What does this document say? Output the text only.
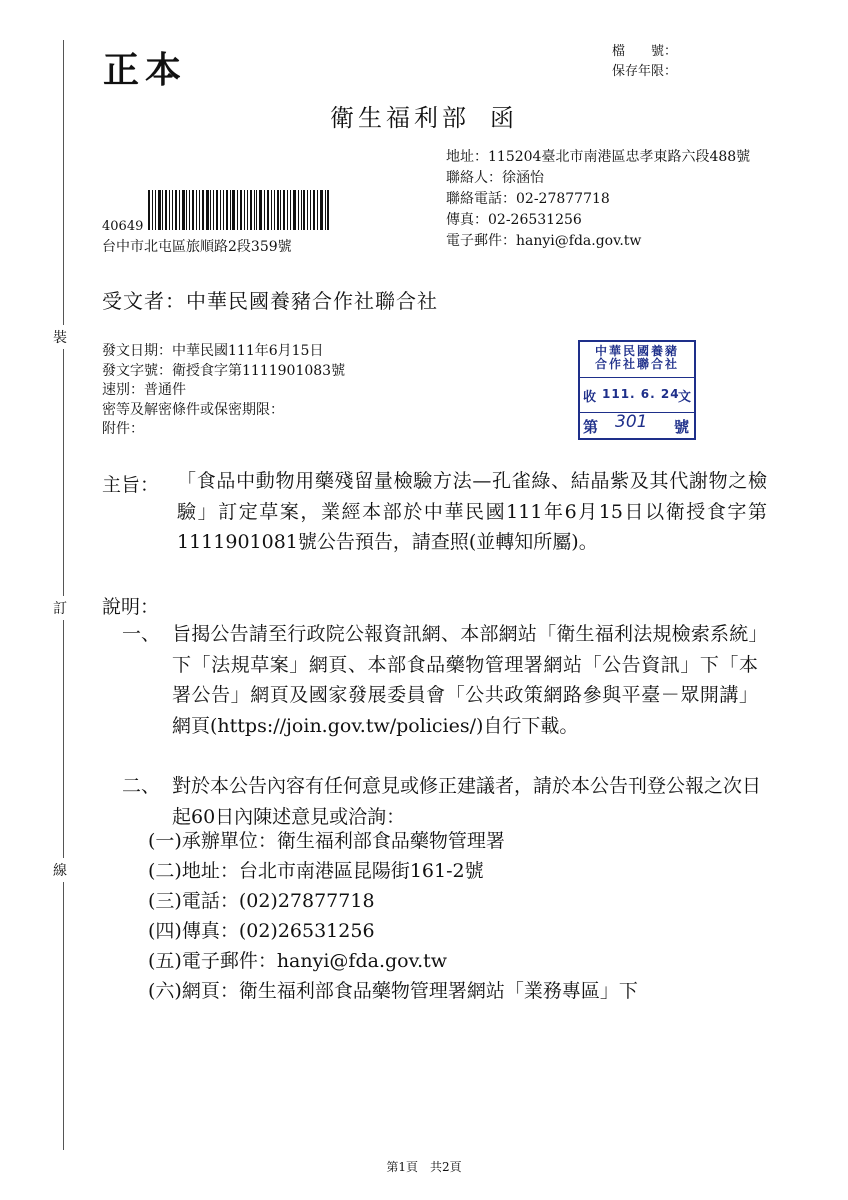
裝
訂
線
正本	檔　　號：
保存年限：
衛生福利部 函
地址：115204臺北市南港區忠孝東路六段488號
聯絡人：徐涵怡
聯絡電話：02-27877718
傳真：02-26531256
電子郵件：hanyi@fda.gov.tw
40649
台中市北屯區旅順路2段359號
受文者：中華民國養豬合作社聯合社
發文日期：中華民國111年6月15日
發文字號：衛授食字第1111901083號
速別：普通件
密等及解密條件或保密期限：
附件：
中華民國養豬
合作社聯合社
收 111. 6. 24
文
第 301 號
主旨： 「食品中動物用藥殘留量檢驗方法—孔雀綠、結晶紫及其代謝物之檢驗」訂定草案，業經本部於中華民國111年6月15日以衛授食字第1111901081號公告預告，請查照(並轉知所屬)。
說明：
一、 旨揭公告請至行政院公報資訊網、本部網站「衛生福利法規檢索系統」下「法規草案」網頁、本部食品藥物管理署網站「公告資訊」下「本署公告」網頁及國家發展委員會「公共政策網路參與平臺－眾開講」網頁(https://join.gov.tw/policies/)自行下載。
二、 對於本公告內容有任何意見或修正建議者，請於本公告刊登公報之次日起60日內陳述意見或洽詢：
(一)承辦單位：衛生福利部食品藥物管理署
(二)地址：台北市南港區昆陽街161-2號
(三)電話：(02)27877718
(四)傳真：(02)26531256
(五)電子郵件：hanyi@fda.gov.tw
(六)網頁：衛生福利部食品藥物管理署網站「業務專區」下
第1頁 共2頁
